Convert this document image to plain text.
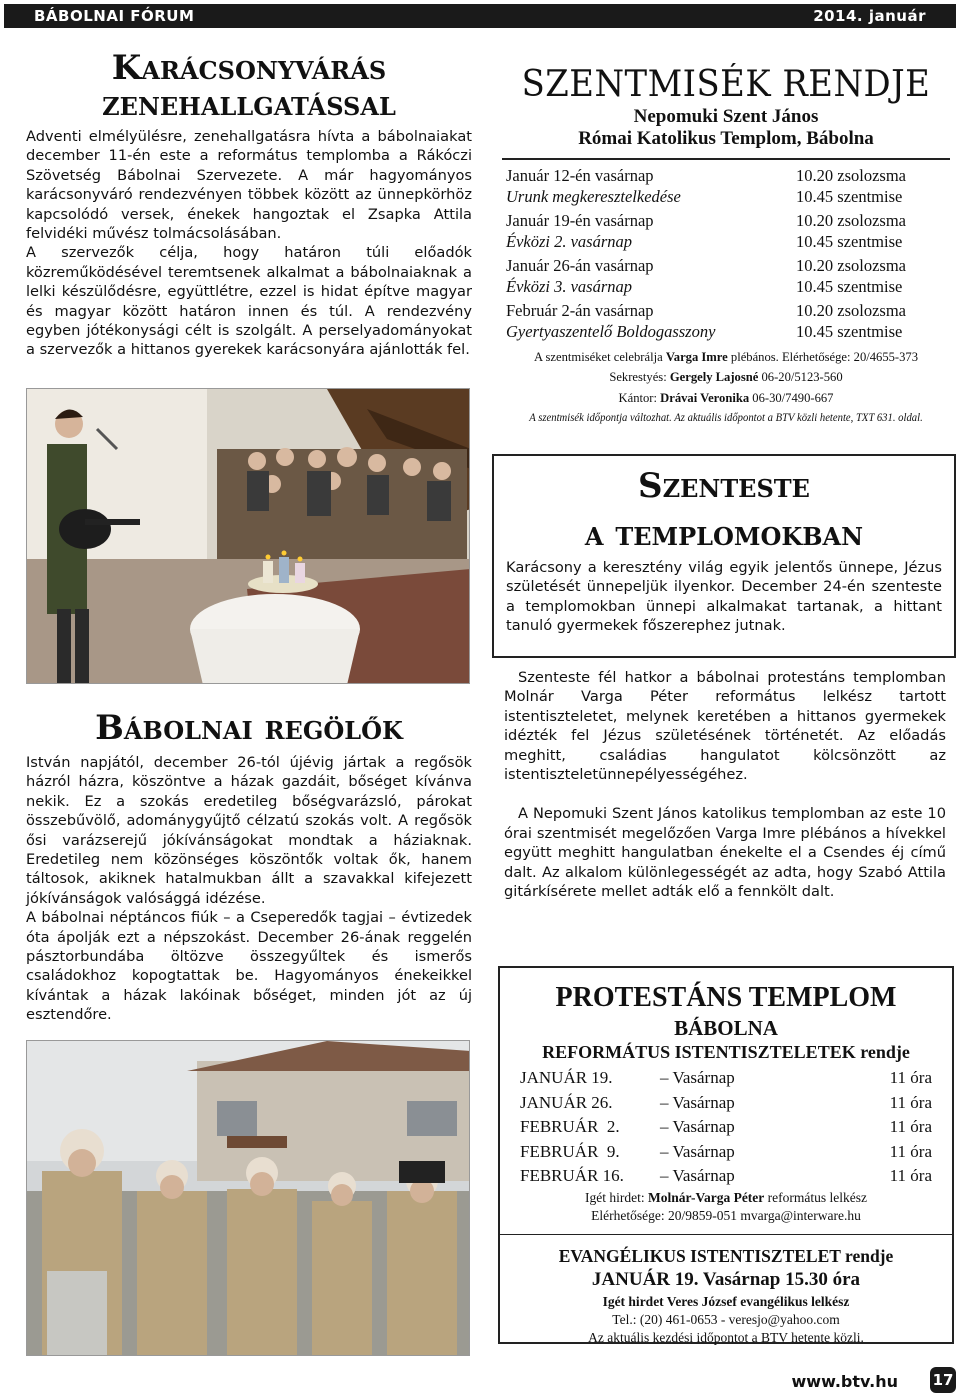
BÁBOLNAI FÓRUM	2014. január
Karácsonyvárás
zenehallgatással

Adventi elmélyülésre, zenehallgatásra hívta a bábolnaiakat december 11-én este a református templomba a Rákóczi Szövetség Bábolnai Szervezete. A már hagyományos karácsonyváró rendezvényen többek között az ünnepkörhöz kapcsolódó versek, énekek hangoztak el Zsapka Attila felvidéki művész tolmácsolásában.

A szervezők célja, hogy határon túli előadók közreműködésével teremtsenek alkalmat a bábolnaiaknak a lelki készülődésre, együttlétre, ezzel is hidat építve magyar és magyar között határon innen és túl. A rendezvény egyben jótékonysági célt is szolgált. A perselyadományokat a szervezők a hittanos gyerekek karácsonyára ajánlották fel.

Bábolnai regölők

István napjától, december 26-tól újévig jártak a regősök házról házra, köszöntve a házak gazdáit, bőséget kívánva nekik. Ez a szokás eredetileg bőségvarázsló, párokat összebűvölő, adománygyűjtő célzatú szokás volt. A regősök ősi varázserejű jókívánságokat mondtak a háziaknak. Eredetileg nem közönséges köszöntők voltak ők, hanem táltosok, akiknek hatalmukban állt a szavakkal kifejezett jókívánságok valósággá idézése.

A bábolnai néptáncos fiúk – a Cseperedők tagjai – évtizedek óta ápolják ezt a népszokást. December 26-ának reggelén pásztorbundába öltözve összegyűltek és ismerős családokhoz kopogtattak be. Hagyományos énekeikkel kívántak a házak lakóinak bőséget, minden jót az új esztendőre.

SZENTMISÉK RENDJE
Nepomuki Szent János
Római Katolikus Templom, Bábolna
Január 12-én vasárnap	10.20 zsolozsma
Urunk megkeresztelkedése	10.45 szentmise
Január 19-én vasárnap	10.20 zsolozsma
Évközi 2. vasárnap	10.45 szentmise
Január 26-án vasárnap	10.20 zsolozsma
Évközi 3. vasárnap	10.45 szentmise
Február 2-án vasárnap	10.20 zsolozsma
Gyertyaszentelő Boldogasszony	10.45 szentmise
A szentmiséket celebrálja Varga Imre plébános. Elérhetősége: 20/4655-373
Sekrestyés: Gergely Lajosné 06-20/5123-560
Kántor: Drávai Veronika 06-30/7490-667
A szentmisék időpontja változhat. Az aktuális időpontot a BTV közli hetente, TXT 631. oldal.
Szenteste
a templomokban
Karácsony a keresztény világ egyik jelentős ünnepe, Jézus születését ünnepeljük ilyenkor. December 24-én szenteste a templomokban ünnepi alkalmakat tartanak, a hittant tanuló gyermekek főszerephez jutnak.

Szenteste fél hatkor a bábolnai protestáns templomban Molnár Varga Péter református lelkész tartott istentiszteletet, melynek keretében a hittanos gyermekek idézték fel Jézus születésének történetét. Az előadás meghitt, családias hangulatot kölcsönzött az istentiszteletünnepélyességéhez.

A Nepomuki Szent János katolikus templomban az este 10 órai szentmisét megelőzően Varga Imre plébános a hívekkel együtt meghitt hangulatban énekelte el a Csendes éj című dalt. Az alkalom különlegességét az adta, hogy Szabó Attila gitárkísérete mellet adták elő a fennkölt dalt.

PROTESTÁNS TEMPLOM
BÁBOLNA
REFORMÁTUS ISTENTISZTELETEK rendje
JANUÁR 19.	– Vasárnap	11 óra
JANUÁR 26.	– Vasárnap	11 óra
FEBRUÁR  2.	– Vasárnap	11 óra
FEBRUÁR  9.	– Vasárnap	11 óra
FEBRUÁR 16.	– Vasárnap	11 óra
Igét hirdet: Molnár-Varga Péter református lelkész
Elérhetősége: 20/9859-051 mvarga@interware.hu
EVANGÉLIKUS ISTENTISZTELET rendje
JANUÁR 19. Vasárnap 15.30 óra
Igét hirdet Veres József evangélikus lelkész
Tel.: (20) 461-0653 - veresjo@yahoo.com
Az aktuális kezdési időpontot a BTV hetente közli.
www.btv.hu 17
